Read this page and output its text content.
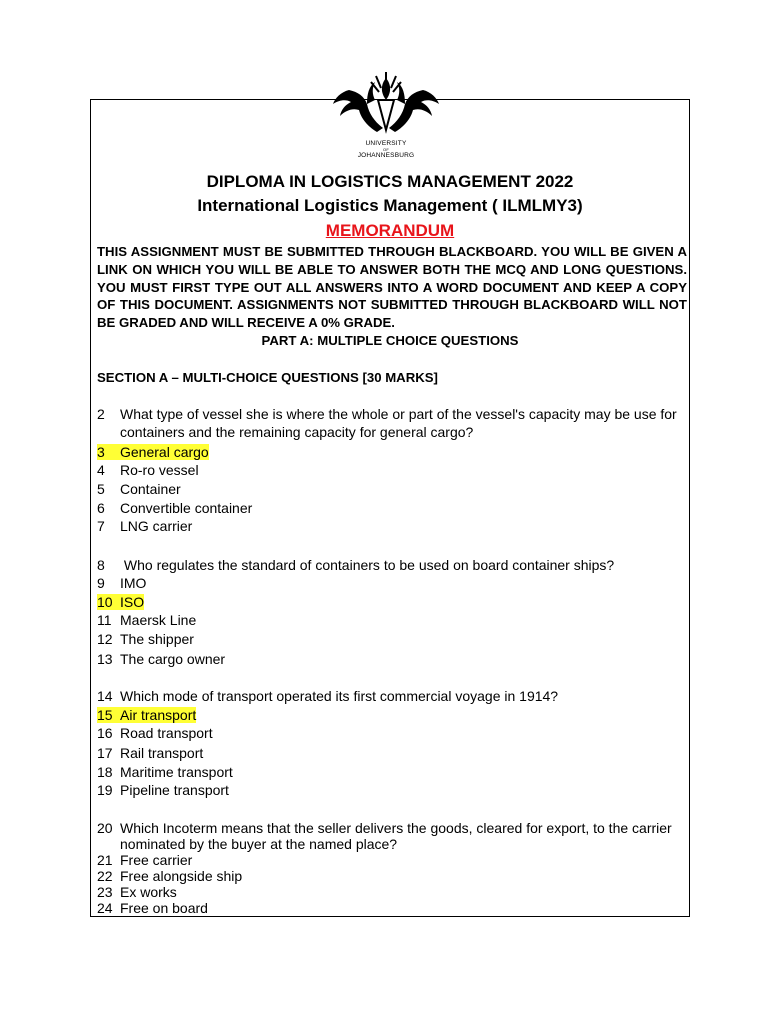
UNIVERSITY
OF
JOHANNESBURG
DIPLOMA IN LOGISTICS MANAGEMENT 2022
International Logistics Management ( ILMLMY3)
MEMORANDUM
THIS ASSIGNMENT MUST BE SUBMITTED THROUGH BLACKBOARD. YOU WILL BE GIVEN A LINK ON WHICH YOU WILL BE ABLE TO ANSWER BOTH THE MCQ AND LONG QUESTIONS. YOU MUST FIRST TYPE OUT ALL ANSWERS INTO A WORD DOCUMENT AND KEEP A COPY OF THIS DOCUMENT. ASSIGNMENTS NOT SUBMITTED THROUGH BLACKBOARD WILL NOT BE GRADED AND WILL RECEIVE A 0% GRADE.
PART A: MULTIPLE CHOICE QUESTIONS
SECTION A – MULTI-CHOICE QUESTIONS [30 MARKS]
2 What type of vessel she is where the whole or part of the vessel's capacity may be use for containers and the remaining capacity for general cargo?
3 General cargo
4 Ro-ro vessel
5 Container
6 Convertible container
7 LNG carrier
8 Who regulates the standard of containers to be used on board container ships?
9 IMO
10 ISO
11 Maersk Line
12 The shipper
13 The cargo owner
14 Which mode of transport operated its first commercial voyage in 1914?
15 Air transport
16 Road transport
17 Rail transport
18 Maritime transport
19 Pipeline transport
20 Which Incoterm means that the seller delivers the goods, cleared for export, to the carrier nominated by the buyer at the named place?
21 Free carrier
22 Free alongside ship
23 Ex works
24 Free on board
